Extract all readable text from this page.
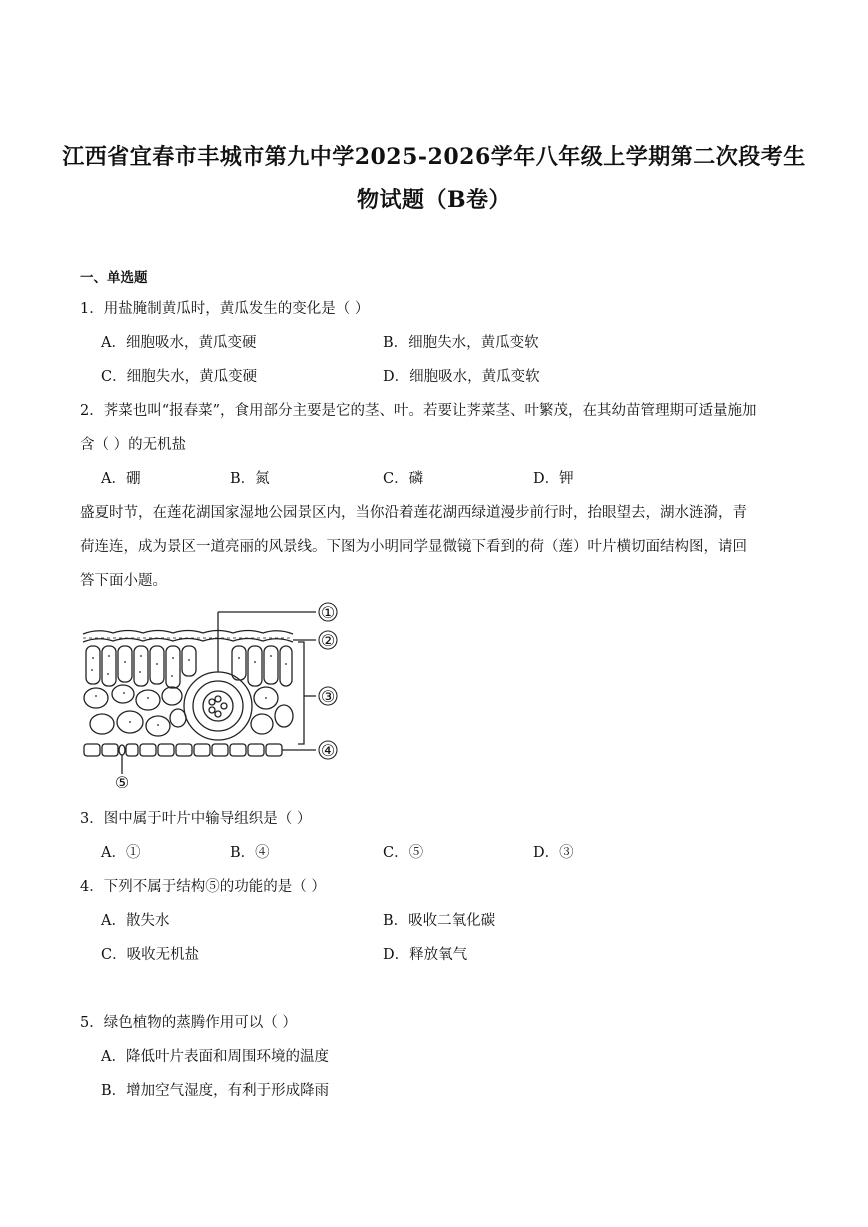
江西省宜春市丰城市第九中学2025-2026学年八年级上学期第二次段考生
物试题（B卷）
一、单选题
1．用盐腌制黄瓜时，黄瓜发生的变化是（ ）
A．细胞吸水，黄瓜变硬	B．细胞失水，黄瓜变软
C．细胞失水，黄瓜变硬	D．细胞吸水，黄瓜变软
2．荠菜也叫“报春菜”，食用部分主要是它的茎、叶。若要让荠菜茎、叶繁茂，在其幼苗管理期可适量施加
含（ ）的无机盐
A．硼	B．氮	C．磷	D．钾
盛夏时节，在莲花湖国家湿地公园景区内，当你沿着莲花湖西绿道漫步前行时，抬眼望去，湖水涟漪，青
荷连连，成为景区一道亮丽的风景线。下图为小明同学显微镜下看到的荷（莲）叶片横切面结构图，请回
答下面小题。
①
②
③
④
⑤
3．图中属于叶片中输导组织是（ ）
A．①	B．④	C．⑤	D．③
4．下列不属于结构⑤的功能的是（ ）
A．散失水	B．吸收二氧化碳
C．吸收无机盐	D．释放氧气
5．绿色植物的蒸腾作用可以（ ）
A．降低叶片表面和周围环境的温度
B．增加空气湿度，有利于形成降雨
